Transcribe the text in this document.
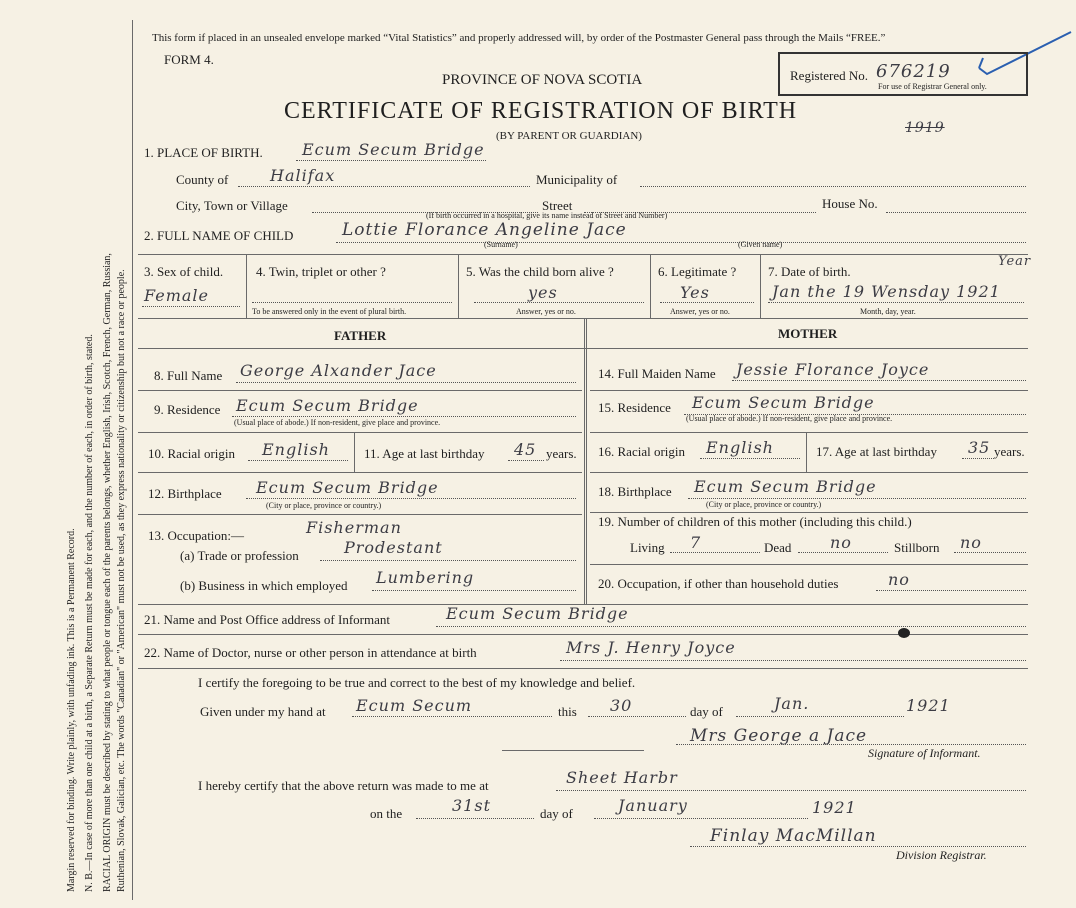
Margin reserved for binding. Write plainly, with unfading ink. This is a Permanent Record. N. B.—In case of more than one child at a birth, a Separate Return must be made for each, and the number of each, in order of birth, stated. RACIAL ORIGIN must be described by stating to what people or tongue each of the parents belongs, whether English, Irish, Scotch, French, German, Russian, Ruthenian, Slovak, Galician, etc. The words "Canadian" or "American" must not be used, as they express nationality or citizenship but not a race or people.
This form if placed in an unsealed envelope marked “Vital Statistics” and properly addressed will, by order of the Postmaster General pass through the Mails “FREE.”
FORM 4.
PROVINCE OF NOVA SCOTIA
CERTIFICATE OF REGISTRATION OF BIRTH
(BY PARENT OR GUARDIAN)	1919
Registered No. 676219
For use of Registrar General only.
1. PLACE OF BIRTH. Ecum Secum Bridge
County of	Halifax	Municipality of
City, Town or Village	Street	House No.
(If birth occurred in a hospital, give its name instead of Street and Number)
2. FULL NAME OF CHILD	Lottie Florance Angeline Jace
(Surname)	(Given name)
3. Sex of child.
Female
4. Twin, triplet or other ?
To be answered only in the event of plural birth.
5. Was the child born alive ?
yes
Answer, yes or no.
6. Legitimate ?
Yes
Answer, yes or no.
7. Date of birth.
Year
Jan the 19 Wensday 1921
Month, day, year.
FATHER	MOTHER
8. Full Name George Alxander Jace
9. Residence Ecum Secum Bridge
(Usual place of abode.) If non-resident, give place and province.
10. Racial origin English	11. Age at last birthday 45 years.
12. Birthplace Ecum Secum Bridge
(City or place, province or country.)
13. Occupation:—	Fisherman
(a) Trade or profession	Prodestant
(b) Business in which employed Lumbering
14. Full Maiden Name Jessie Florance Joyce
15. Residence Ecum Secum Bridge
(Usual place of abode.) If non-resident, give place and province.
16. Racial origin English	17. Age at last birthday 35 years.
18. Birthplace Ecum Secum Bridge
(City or place, province or country.)
19. Number of children of this mother (including this child.)
Living 7	Dead no	Stillborn no
20. Occupation, if other than household duties	no
21. Name and Post Office address of Informant	Ecum Secum Bridge
22. Name of Doctor, nurse or other person in attendance at birth	Mrs J. Henry Joyce
I certify the foregoing to be true and correct to the best of my knowledge and belief.
Given under my hand at Ecum Secum	this 30	day of	Jan.	1921
Mrs George a Jace
Signature of Informant.
I hereby certify that the above return was made to me at	Sheet Harbr
on the	31st	day of	January	1921
Finlay MacMillan
Division Registrar.
